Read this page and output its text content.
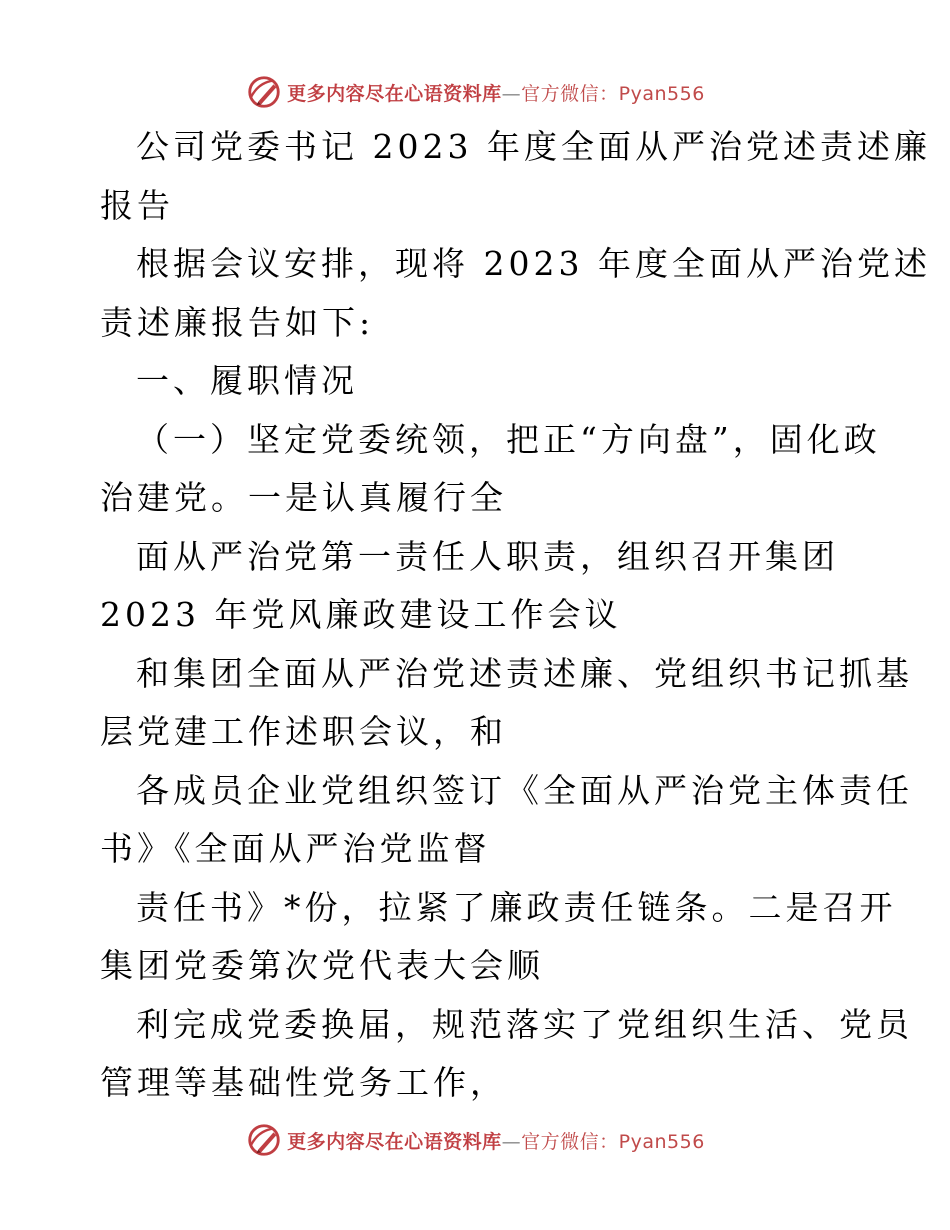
更多内容尽在心语资料库—官方微信：Pyan556

公司党委书记 2023 年度全面从严治党述责述廉
报告

根据会议安排，现将 2023 年度全面从严治党述
责述廉报告如下:

一、履职情况

（一）坚定党委统领，把正“方向盘”，固化政
治建党。一是认真履行全

面从严治党第一责任人职责，组织召开集团
2023 年党风廉政建设工作会议

和集团全面从严治党述责述廉、党组织书记抓基
层党建工作述职会议，和

各成员企业党组织签订《全面从严治党主体责任
书》《全面从严治党监督

责任书》*份，拉紧了廉政责任链条。二是召开
集团党委第次党代表大会顺

利完成党委换届，规范落实了党组织生活、党员
管理等基础性党务工作，

更多内容尽在心语资料库—官方微信：Pyan556
